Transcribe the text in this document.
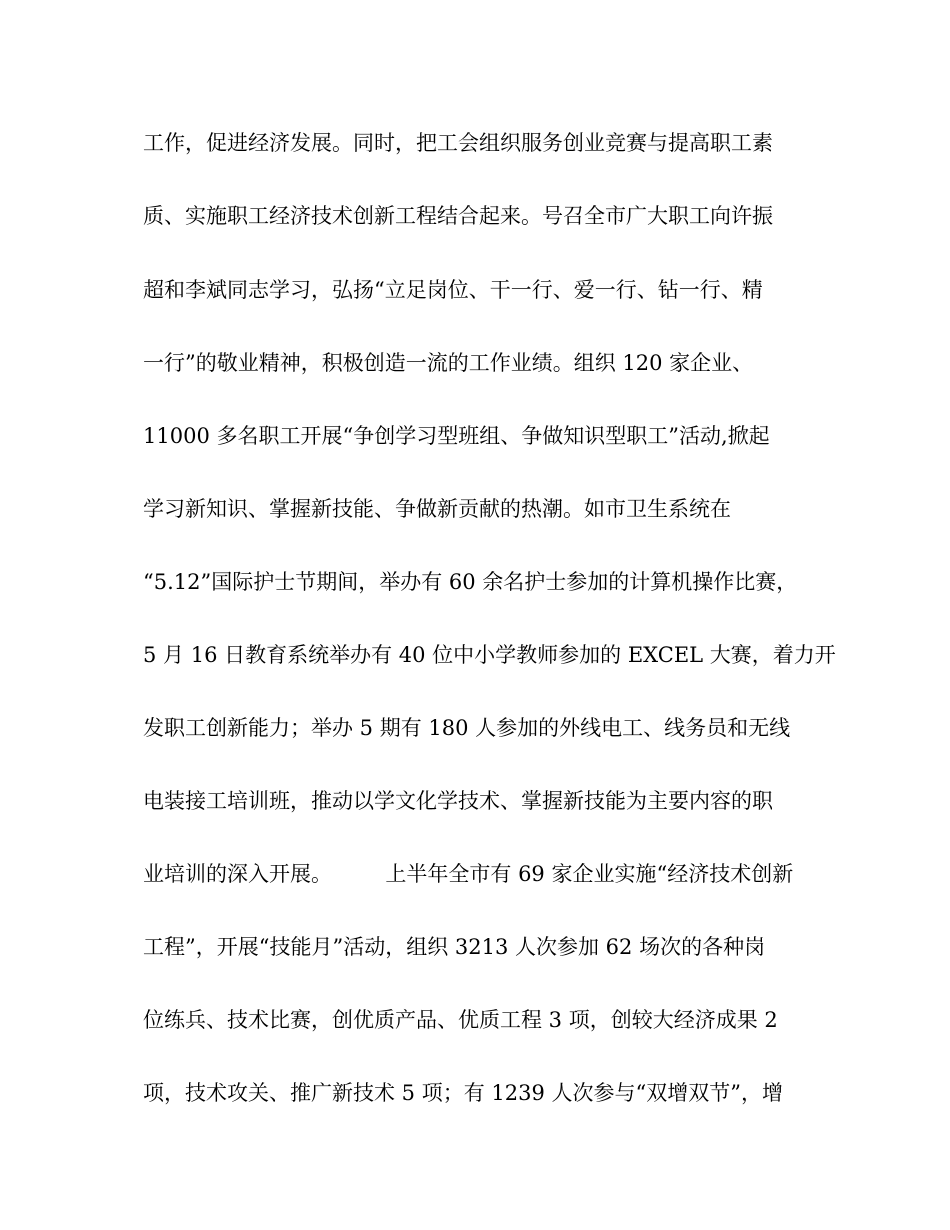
工作，促进经济发展。同时，把工会组织服务创业竞赛与提高职工素
质、实施职工经济技术创新工程结合起来。号召全市广大职工向许振
超和李斌同志学习，弘扬“立足岗位、干一行、爱一行、钻一行、精
一行”的敬业精神，积极创造一流的工作业绩。组织 120 家企业、
11000 多名职工开展“争创学习型班组、争做知识型职工”活动,掀起
学习新知识、掌握新技能、争做新贡献的热潮。如市卫生系统在
“5.12”国际护士节期间，举办有 60 余名护士参加的计算机操作比赛，
5 月 16 日教育系统举办有 40 位中小学教师参加的 EXCEL 大赛，着力开
发职工创新能力；举办 5 期有 180 人参加的外线电工、线务员和无线
电装接工培训班，推动以学文化学技术、掌握新技能为主要内容的职
业培训的深入开展。        上半年全市有 69 家企业实施“经济技术创新
工程”，开展“技能月”活动，组织 3213 人次参加 62 场次的各种岗
位练兵、技术比赛，创优质产品、优质工程 3 项，创较大经济成果 2
项，技术攻关、推广新技术 5 项；有 1239 人次参与“双增双节”，增
